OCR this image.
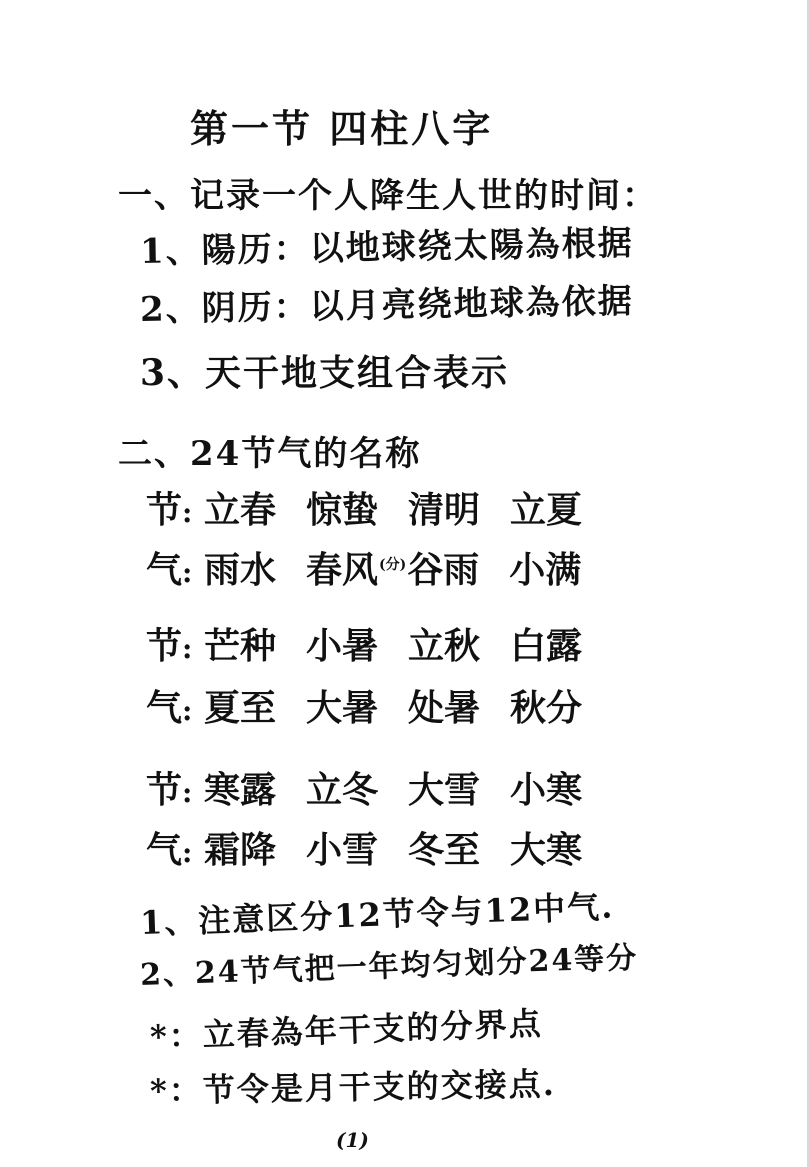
第一节 四柱八字
一、记录一个人降生人世的时间：
1、陽历：以地球绕太陽為根据
2、阴历：以月亮绕地球為依据
3、天干地支组合表示
二、24节气的名称
节: 立春 惊蛰 清明 立夏
气: 雨水 春风$^{(分)}$谷雨 小满
节: 芒种 小暑 立秋 白露
气: 夏至 大暑 处暑 秋分
节: 寒露 立冬 大雪 小寒
气: 霜降 小雪 冬至 大寒
1、注意区分12节令与12中气.
2、24节气把一年均匀划分24等分
*：立春為年干支的分界点
*：节令是月干支的交接点.
(1)
